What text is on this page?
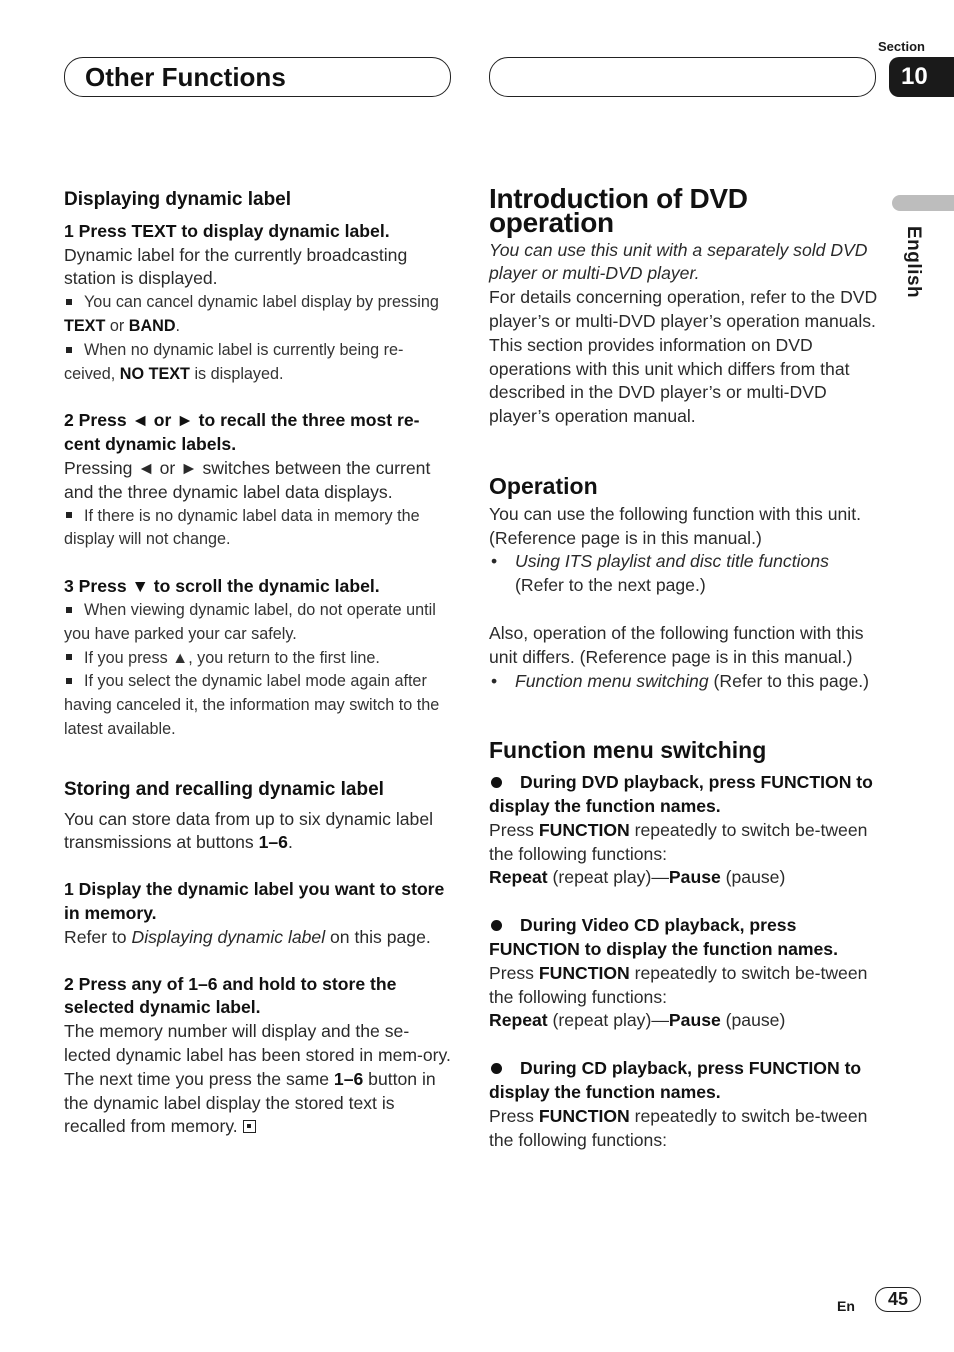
Other Functions
Section
10
English

Displaying dynamic label

1 Press TEXT to display dynamic label.

Dynamic label for the currently broadcasting station is displayed.

You can cancel dynamic label display by pressing TEXT or BAND.

When no dynamic label is currently being re-ceived, NO TEXT is displayed.

2 Press ◄ or ► to recall the three most re-cent dynamic labels.

Pressing ◄ or ► switches between the current and the three dynamic label data displays.

If there is no dynamic label data in memory the display will not change.

3 Press ▼ to scroll the dynamic label.

When viewing dynamic label, do not operate until you have parked your car safely.

If you press ▲, you return to the first line.

If you select the dynamic label mode again after having canceled it, the information may switch to the latest available.

Storing and recalling dynamic label

You can store data from up to six dynamic label transmissions at buttons 1–6.

1 Display the dynamic label you want to store in memory.

Refer to Displaying dynamic label on this page.

2 Press any of 1–6 and hold to store the selected dynamic label.

The memory number will display and the se-lected dynamic label has been stored in mem-ory.

The next time you press the same 1–6 button in the dynamic label display the stored text is recalled from memory.

Introduction of DVD operation

You can use this unit with a separately sold DVD player or multi-DVD player.

For details concerning operation, refer to the DVD player’s or multi-DVD player’s operation manuals. This section provides information on DVD operations with this unit which differs from that described in the DVD player’s or multi-DVD player’s operation manual.

Operation

You can use the following function with this unit. (Reference page is in this manual.)

• Using ITS playlist and disc title functions
(Refer to the next page.)

Also, operation of the following function with this unit differs. (Reference page is in this manual.)

• Function menu switching (Refer to this page.)

Function menu switching

During DVD playback, press FUNCTION to display the function names.

Press FUNCTION repeatedly to switch be-tween the following functions:

Repeat (repeat play)—Pause (pause)

During Video CD playback, press FUNCTION to display the function names.

Press FUNCTION repeatedly to switch be-tween the following functions:

Repeat (repeat play)—Pause (pause)

During CD playback, press FUNCTION to display the function names.

Press FUNCTION repeatedly to switch be-tween the following functions:

En	45
